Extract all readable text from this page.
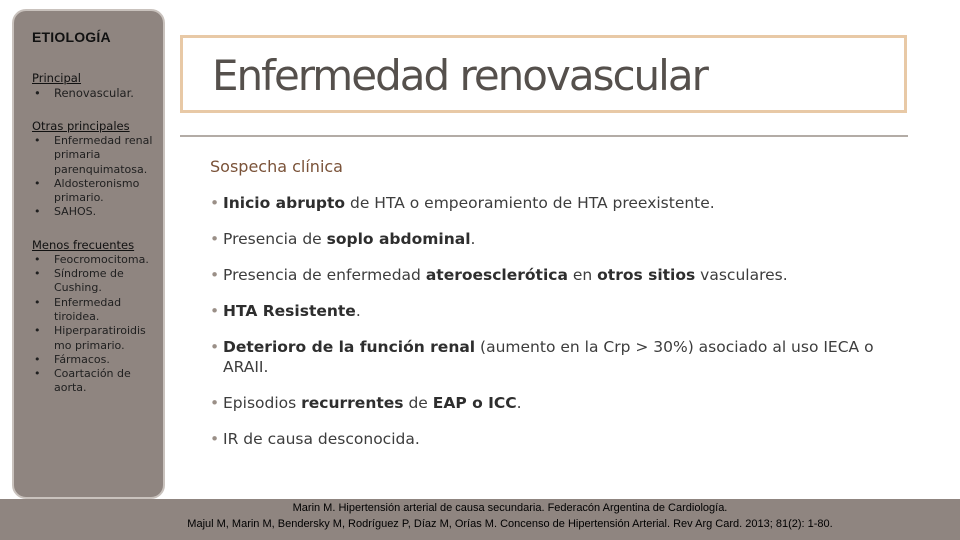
ETIOLOGÍA
Principal
• Renovascular.
Otras principales
• Enfermedad renal primaria parenquimatosa.
• Aldosteronismo primario.
• SAHOS.
Menos frecuentes
• Feocromocitoma.
• Síndrome de Cushing.
• Enfermedad tiroidea.
• Hiperparatiroidis mo primario.
• Fármacos.
• Coartación de aorta.
Enfermedad renovascular
Sospecha clínica
• Inicio abrupto de HTA o empeoramiento de HTA preexistente.
• Presencia de soplo abdominal.
• Presencia de enfermedad ateroesclerótica en otros sitios vasculares.
• HTA Resistente.
• Deterioro de la función renal (aumento en la Crp > 30%) asociado al uso IECA o ARAII.
• Episodios recurrentes de EAP o ICC.
• IR de causa desconocida.
Marin M. Hipertensión arterial de causa secundaria. Federacón Argentina de Cardiología.
Majul M, Marin M, Bendersky M, Rodríguez P, Díaz M, Orías M. Concenso de Hipertensión Arterial. Rev Arg Card. 2013; 81(2): 1-80.
